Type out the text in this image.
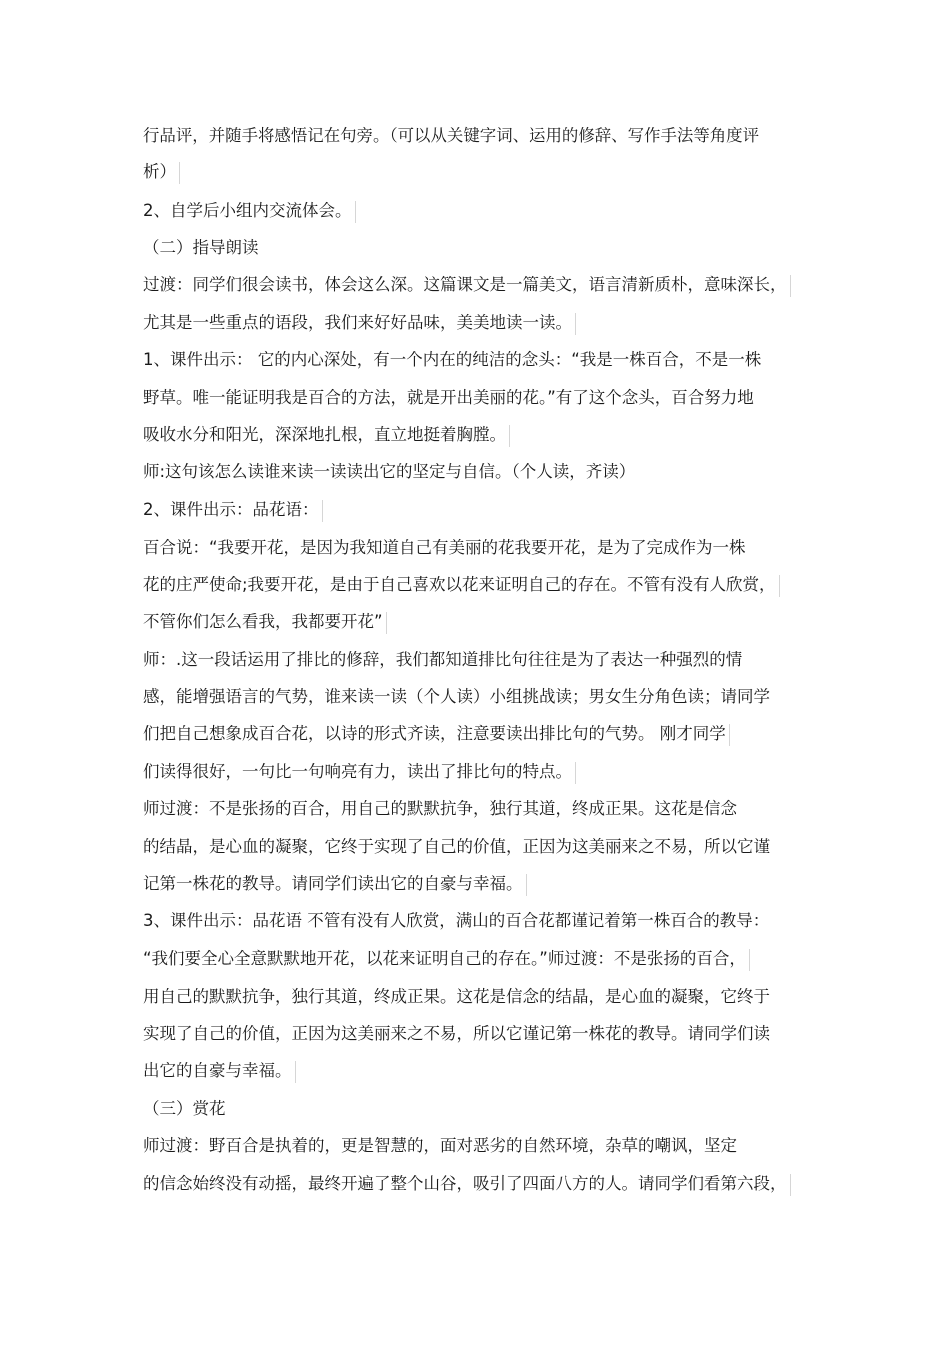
行品评，并随手将感悟记在句旁。（可以从关键字词、运用的修辞、写作手法等角度评
析）
2、自学后小组内交流体会。
（二）指导朗读
过渡：同学们很会读书，体会这么深。这篇课文是一篇美文，语言清新质朴，意味深长，
尤其是一些重点的语段，我们来好好品味，美美地读一读。
1、课件出示： 它的内心深处，有一个内在的纯洁的念头：“我是一株百合，不是一株
野草。唯一能证明我是百合的方法，就是开出美丽的花。”有了这个念头，百合努力地
吸收水分和阳光，深深地扎根，直立地挺着胸膛。
师:这句该怎么读谁来读一读读出它的坚定与自信。（个人读，齐读）
2、课件出示：品花语：
百合说：“我要开花，是因为我知道自己有美丽的花我要开花，是为了完成作为一株
花的庄严使命;我要开花，是由于自己喜欢以花来证明自己的存在。不管有没有人欣赏，
不管你们怎么看我，我都要开花”
师：.这一段话运用了排比的修辞，我们都知道排比句往往是为了表达一种强烈的情
感，能增强语言的气势，谁来读一读（个人读）小组挑战读；男女生分角色读；请同学
们把自己想象成百合花，以诗的形式齐读，注意要读出排比句的气势。 刚才同学
们读得很好，一句比一句响亮有力，读出了排比句的特点。
师过渡：不是张扬的百合，用自己的默默抗争，独行其道，终成正果。这花是信念
的结晶，是心血的凝聚，它终于实现了自己的价值，正因为这美丽来之不易，所以它谨
记第一株花的教导。请同学们读出它的自豪与幸福。
3、课件出示：品花语 不管有没有人欣赏，满山的百合花都谨记着第一株百合的教导：
“我们要全心全意默默地开花，以花来证明自己的存在。”师过渡：不是张扬的百合，
用自己的默默抗争，独行其道，终成正果。这花是信念的结晶，是心血的凝聚，它终于
实现了自己的价值，正因为这美丽来之不易，所以它谨记第一株花的教导。请同学们读
出它的自豪与幸福。
（三）赏花
师过渡：野百合是执着的，更是智慧的，面对恶劣的自然环境，杂草的嘲讽，坚定
的信念始终没有动摇，最终开遍了整个山谷，吸引了四面八方的人。请同学们看第六段，
